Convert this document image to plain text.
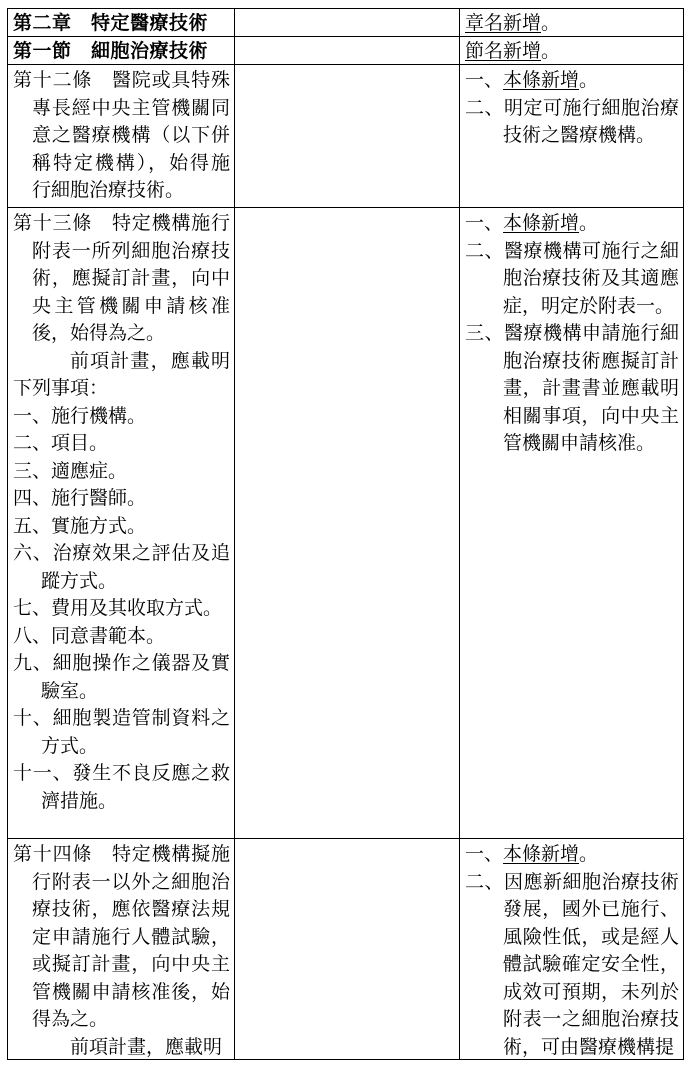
第二章　特定醫療技術	章名新增。
第一節　細胞治療技術	節名新增。

第十二條　醫院或具特殊專長經中央主管機關同意之醫療機構（以下併稱特定機構），始得施行細胞治療技術。

一、本條新增。

二、明定可施行細胞治療技術之醫療機構。

第十三條　特定機構施行附表一所列細胞治療技術，應擬訂計畫，向中央主管機關申請核准後，始得為之。

前項計畫，應載明下列事項：

一、施行機構。

二、項目。

三、適應症。

四、施行醫師。

五、實施方式。

六、治療效果之評估及追蹤方式。

七、費用及其收取方式。

八、同意書範本。

九、細胞操作之儀器及實驗室。

十、細胞製造管制資料之方式。

十一、發生不良反應之救濟措施。

一、本條新增。

二、醫療機構可施行之細胞治療技術及其適應症，明定於附表一。

三、醫療機構申請施行細胞治療技術應擬訂計畫，計畫書並應載明相關事項，向中央主管機關申請核准。

第十四條　特定機構擬施行附表一以外之細胞治療技術，應依醫療法規定申請施行人體試驗，或擬訂計畫，向中央主管機關申請核准後，始得為之。

前項計畫，應載明

一、本條新增。

二、因應新細胞治療技術發展，國外已施行、風險性低，或是經人體試驗確定安全性，成效可預期，未列於附表一之細胞治療技術，可由醫療機構提
